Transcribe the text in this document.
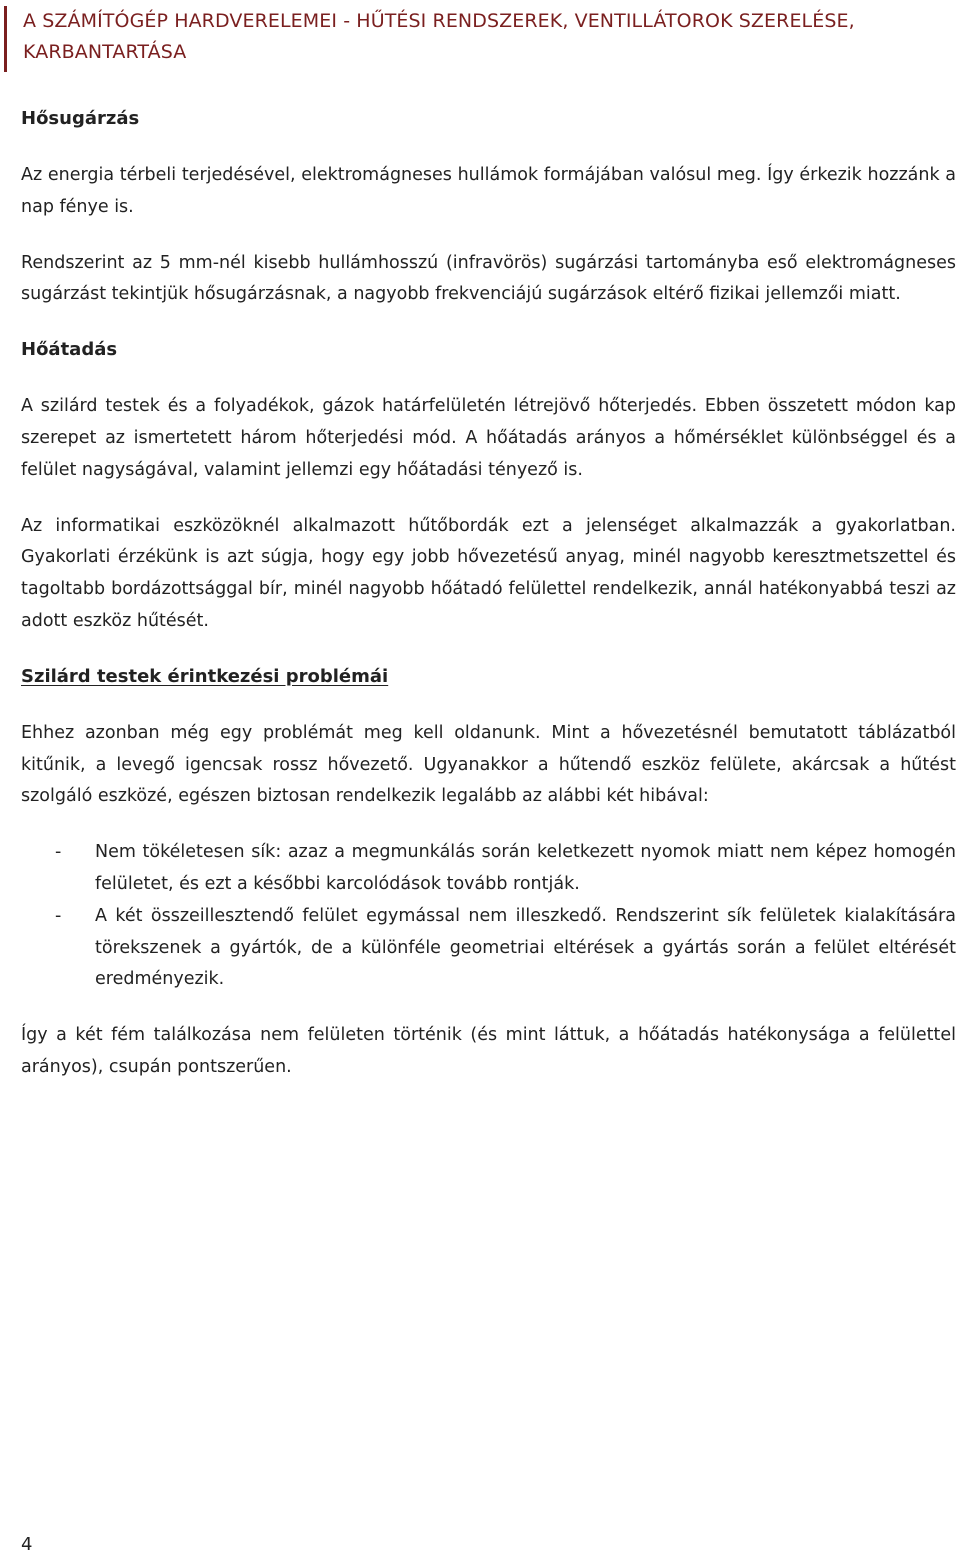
A SZÁMÍTÓGÉP HARDVERELEMEI - HŰTÉSI RENDSZEREK, VENTILLÁTOROK SZERELÉSE,
KARBANTARTÁSA
Hősugárzás

Az energia térbeli terjedésével, elektromágneses hullámok formájában valósul meg. Így érkezik hozzánk a nap fénye is.

Rendszerint az 5 mm-nél kisebb hullámhosszú (infravörös) sugárzási tartományba eső elektromágneses sugárzást tekintjük hősugárzásnak, a nagyobb frekvenciájú sugárzások eltérő fizikai jellemzői miatt.

Hőátadás

A szilárd testek és a folyadékok, gázok határfelületén létrejövő hőterjedés. Ebben összetett módon kap szerepet az ismertetett három hőterjedési mód. A hőátadás arányos a hőmérséklet különbséggel és a felület nagyságával, valamint jellemzi egy hőátadási tényező is.

Az informatikai eszközöknél alkalmazott hűtőbordák ezt a jelenséget alkalmazzák a gyakorlatban. Gyakorlati érzékünk is azt súgja, hogy egy jobb hővezetésű anyag, minél nagyobb keresztmetszettel és tagoltabb bordázottsággal bír, minél nagyobb hőátadó felülettel rendelkezik, annál hatékonyabbá teszi az adott eszköz hűtését.

Szilárd testek érintkezési problémái

Ehhez azonban még egy problémát meg kell oldanunk. Mint a hővezetésnél bemutatott táblázatból kitűnik, a levegő igencsak rossz hővezető. Ugyanakkor a hűtendő eszköz felülete, akárcsak a hűtést szolgáló eszközé, egészen biztosan rendelkezik legalább az alábbi két hibával:

- Nem tökéletesen sík: azaz a megmunkálás során keletkezett nyomok miatt nem képez homogén felületet, és ezt a későbbi karcolódások tovább rontják.
- A két összeillesztendő felület egymással nem illeszkedő. Rendszerint sík felületek kialakítására törekszenek a gyártók, de a különféle geometriai eltérések a gyártás során a felület eltérését eredményezik.

Így a két fém találkozása nem felületen történik (és mint láttuk, a hőátadás hatékonysága a felülettel arányos), csupán pontszerűen.

4
